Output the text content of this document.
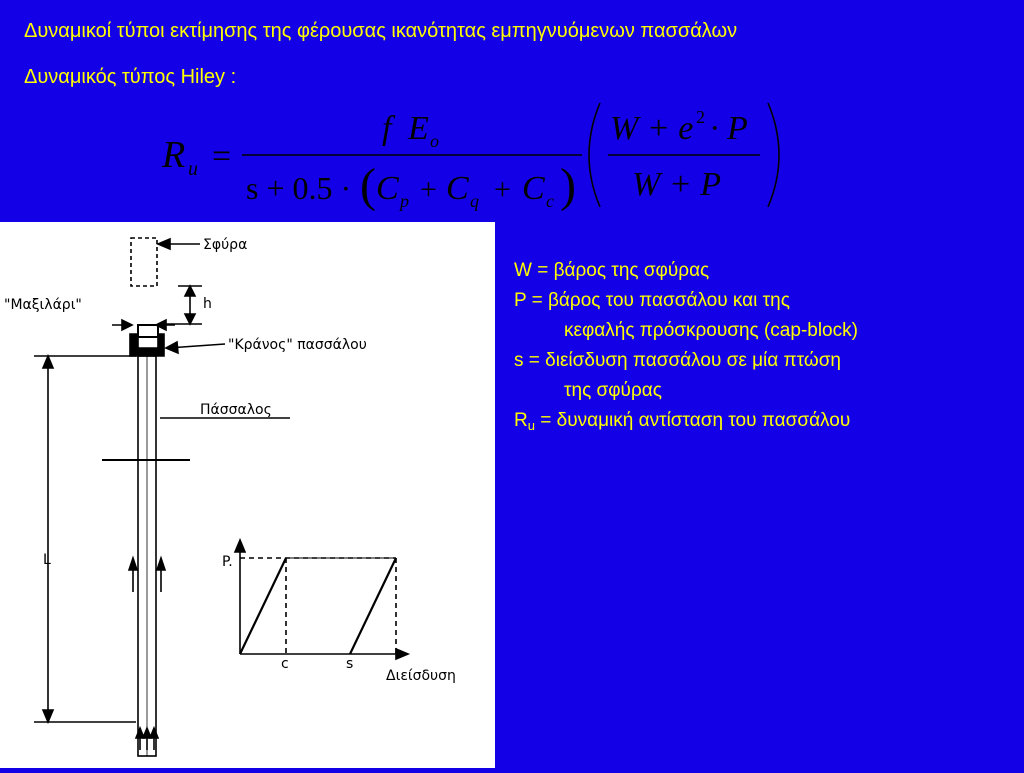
Δυναμικοί τύποι εκτίμησης της φέρουσας ικανότητας εμπηγνυόμενων πασσάλων
Δυναμικός τύπος Hiley :
R u =
f E o
s + 0.5 · ( C p + C q + C c )
W + e 2 · P
W + P
Σφύρα
"Μαξιλάρι"	h
"Κράνος" πασσάλου
Πάσσαλος
L	P.
c	s
Διείσδυση
W = βάρος της σφύρας
P = βάρος του πασσάλου και της
κεφαλής πρόσκρουσης (cap-block)
s = διείσδυση πασσάλου σε μία πτώση
της σφύρας
$R_u = \delta\upsilon\nu\alpha\mu\iota\kappa ή$ αντίσταση του πασσάλου
